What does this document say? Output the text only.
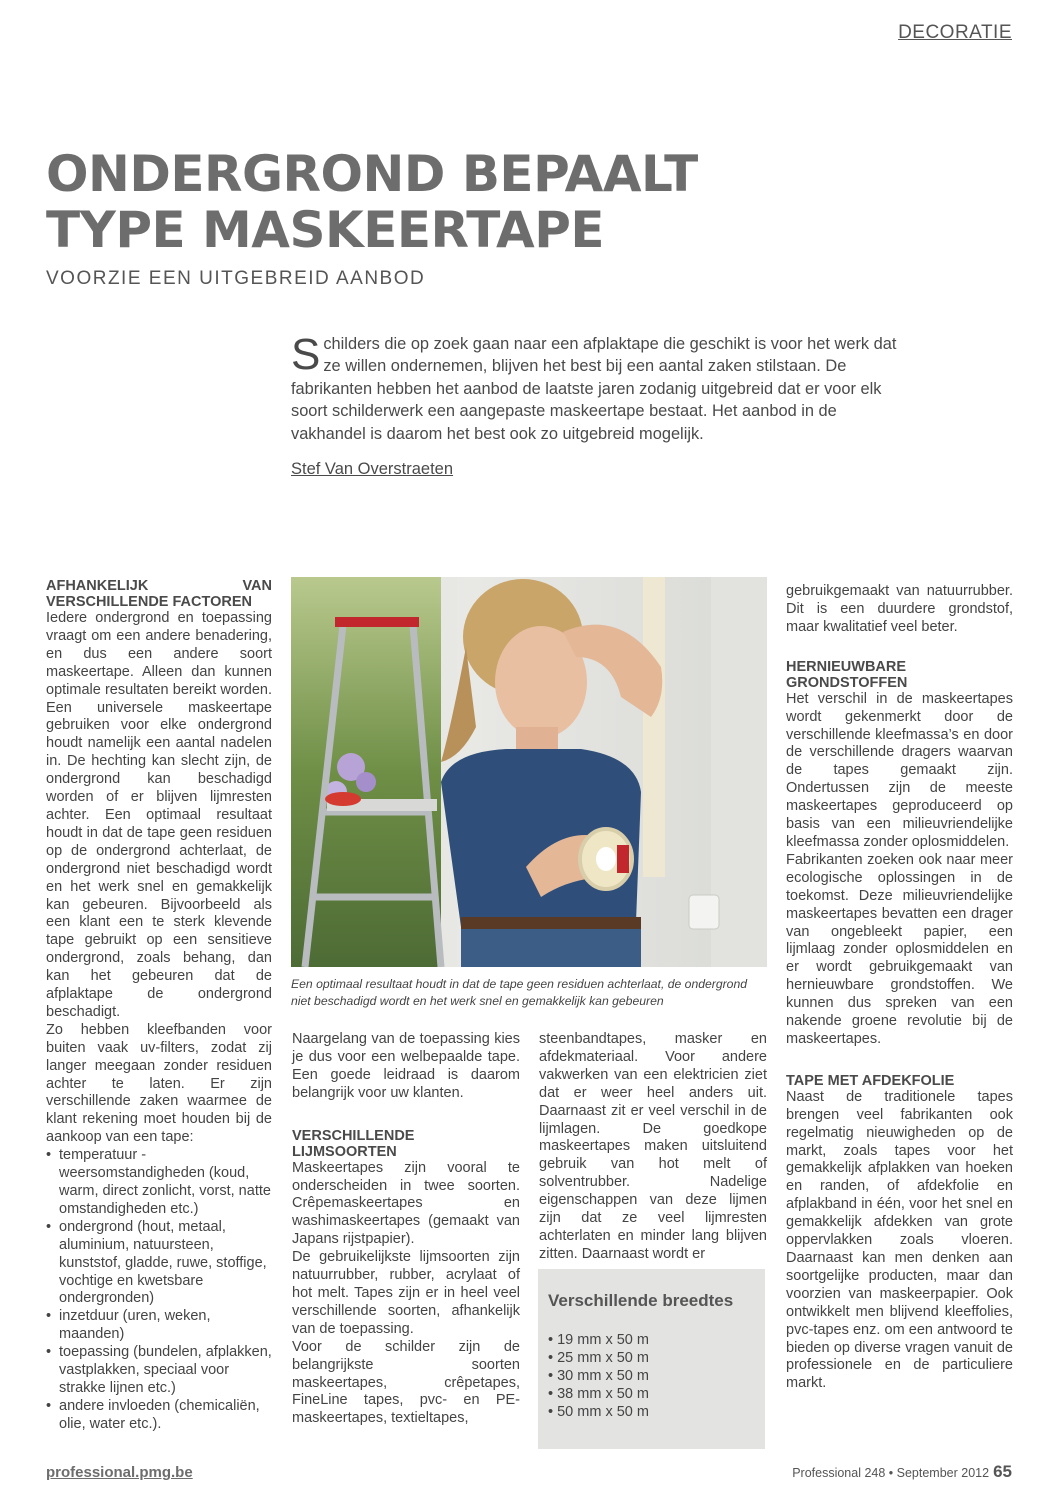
DECORATIE
ONDERGROND BEPAALT
TYPE MASKEERTAPE
VOORZIE EEN UITGEBREID AANBOD

Schilders die op zoek gaan naar een afplaktape die geschikt is voor het werk dat ze willen ondernemen, blijven het best bij een aantal zaken stilstaan. De fabrikanten hebben het aanbod de laatste jaren zodanig uitgebreid dat er voor elk soort schilderwerk een aangepaste maskeertape bestaat. Het aanbod in de vakhandel is daarom het best ook zo uitgebreid mogelijk.

Stef Van Overstraeten

AFHANKELIJK VAN VERSCHILLENDE FACTOREN

Iedere ondergrond en toepassing vraagt om een andere benadering, en dus een andere soort maskeertape. Alleen dan kunnen optimale resultaten bereikt worden. Een universele maskeertape gebruiken voor elke ondergrond houdt namelijk een aantal nadelen in. De hechting kan slecht zijn, de ondergrond kan beschadigd worden of er blijven lijmresten achter. Een optimaal resultaat houdt in dat de tape geen residuen op de ondergrond achterlaat, de ondergrond niet beschadigd wordt en het werk snel en gemakkelijk kan gebeuren. Bijvoorbeeld als een klant een te sterk klevende tape gebruikt op een sensitieve ondergrond, zoals behang, dan kan het gebeuren dat de afplaktape de ondergrond beschadigt.

Zo hebben kleefbanden voor buiten vaak uv-filters, zodat zij langer meegaan zonder residuen achter te laten. Er zijn verschillende zaken waarmee de klant rekening moet houden bij de aankoop van een tape:

• temperatuur - weersomstandigheden (koud, warm, direct zonlicht, vorst, natte omstandigheden etc.)
• ondergrond (hout, metaal, aluminium, natuursteen, kunststof, gladde, ruwe, stoffige, vochtige en kwetsbare ondergronden)
• inzetduur (uren, weken, maanden)
• toepassing (bundelen, afplakken, vastplakken, speciaal voor strakke lijnen etc.)
• andere invloeden (chemicaliën, olie, water etc.).

Een optimaal resultaat houdt in dat de tape geen residuen achterlaat, de ondergrond niet beschadigd wordt en het werk snel en gemakkelijk kan gebeuren

Naargelang van de toepassing kies je dus voor een welbepaalde tape. Een goede leidraad is daarom belangrijk voor uw klanten.

VERSCHILLENDE LIJMSOORTEN

Maskeertapes zijn vooral te onderscheiden in twee soorten. Crêpemaskeertapes en washimaskeertapes (gemaakt van Japans rijstpapier).

De gebruikelijkste lijmsoorten zijn natuurrubber, rubber, acrylaat of hot melt. Tapes zijn er in heel veel verschillende soorten, afhankelijk van de toepassing.

Voor de schilder zijn de belangrijkste soorten maskeertapes, crêpetapes, FineLine tapes, pvc- en PE-maskeertapes, textieltapes,

steenbandtapes, masker en afdekmateriaal. Voor andere vakwerken van een elektricien ziet dat er weer heel anders uit. Daarnaast zit er veel verschil in de lijmlagen. De goedkope maskeertapes maken uitsluitend gebruik van hot melt of solventrubber. Nadelige eigenschappen van deze lijmen zijn dat ze veel lijmresten achterlaten en minder lang blijven zitten. Daarnaast wordt er

Verschillende breedtes
• 19 mm x 50 m
• 25 mm x 50 m
• 30 mm x 50 m
• 38 mm x 50 m
• 50 mm x 50 m

gebruikgemaakt van natuurrubber. Dit is een duurdere grondstof, maar kwalitatief veel beter.

HERNIEUWBARE GRONDSTOFFEN

Het verschil in de maskeertapes wordt gekenmerkt door de verschillende kleefmassa’s en door de verschillende dragers waarvan de tapes gemaakt zijn. Ondertussen zijn de meeste maskeertapes geproduceerd op basis van een milieuvriendelijke kleefmassa zonder oplosmiddelen.

Fabrikanten zoeken ook naar meer ecologische oplossingen in de toekomst. Deze milieuvriendelijke maskeertapes bevatten een drager van ongebleekt papier, een lijmlaag zonder oplosmiddelen en er wordt gebruikgemaakt van hernieuwbare grondstoffen. We kunnen dus spreken van een nakende groene revolutie bij de maskeertapes.

TAPE MET AFDEKFOLIE

Naast de traditionele tapes brengen veel fabrikanten ook regelmatig nieuwigheden op de markt, zoals tapes voor het gemakkelijk afplakken van hoeken en randen, of afdekfolie en afplakband in één, voor het snel en gemakkelijk afdekken van grote oppervlakken zoals vloeren. Daarnaast kan men denken aan soortgelijke producten, maar dan voorzien van maskeerpapier. Ook ontwikkelt men blijvend kleeffolies, pvc-tapes enz. om een antwoord te bieden op diverse vragen vanuit de professionele en de particuliere markt.

professional.pmg.be	Professional 248 • September 2012 65
